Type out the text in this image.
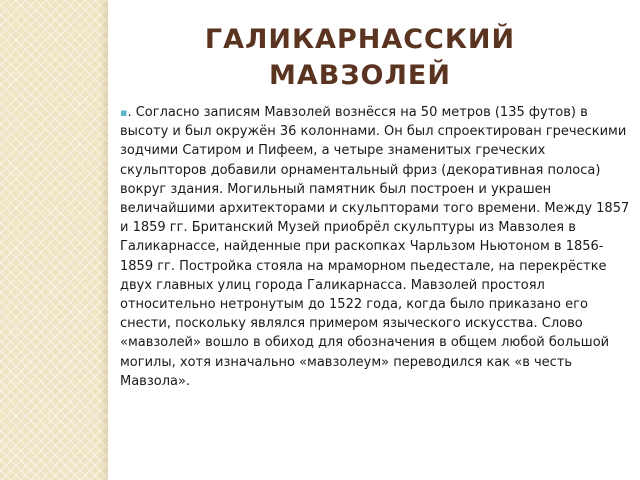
ГАЛИКАРНАССКИЙ МАВЗОЛЕЙ

▪. Согласно записям Мавзолей вознёсся на 50 метров (135 футов) в высоту и был окружён 36 колоннами. Он был спроектирован греческими зодчими Сатиром и Пифеем, а четыре знаменитых греческих скульпторов добавили орнаментальный фриз (декоративная полоса) вокруг здания. Могильный памятник был построен и украшен величайшими архитекторами и скульпторами того времени. Между 1857 и 1859 гг. Британский Музей приобрёл скульптуры из Мавзолея в Галикарнассе, найденные при раскопках Чарльзом Ньютоном в 1856-1859 гг. Постройка стояла на мраморном пьедестале, на перекрёстке двух главных улиц города Галикарнасса. Мавзолей простоял относительно нетронутым до 1522 года, когда было приказано его снести, поскольку являлся примером языческого искусства. Слово «мавзолей» вошло в обиход для обозначения в общем любой большой могилы, хотя изначально «мавзолеум» переводился как «в честь Мавзола».
